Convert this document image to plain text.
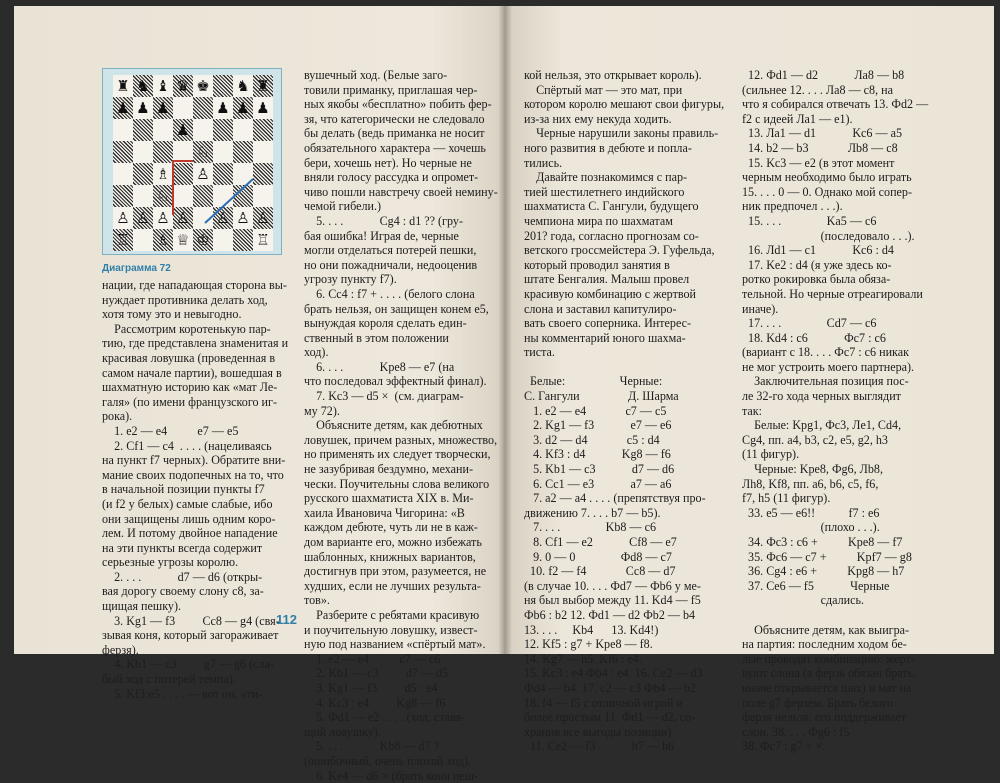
♜ ♞ ♝ ♛ ♚ ♞ ♜
♟ ♟ ♟	♟ ♟ ♟
♟
♘
♗ ♙
♘
♙ ♙ ♙ ♙ ♙ ♙ ♙
♖ ♗ ♕ ♔	♖
Диаграмма 72
нации, где нападающая сторона вы-
нуждает противника делать ход,
хотя тому это и невыгодно.
Рассмотрим коротенькую пар-
тию, где представлена знаменитая и
красивая ловушка (проведенная в
самом начале партии), вошедшая в
шахматную историю как «мат Ле-
галя» (по имени французского иг-
рока).
1. e2 — e4          e7 — e5
2. Cf1 — c4  . . . . (нацеливаясь
на пункт f7 черных). Обратите вни-
мание своих подопечных на то, что
в начальной позиции пункты f7
(и f2 у белых) самые слабые, ибо
они защищены лишь одним коро-
лем. И потому двойное нападение
на эти пункты всегда содержит
серьезные угрозы королю.
2. . . .            d7 — d6 (откры-
вая дорогу своему слону c8, за-
щищая пешку).
3. Kg1 — f3         Cc8 — g4 (свя-
зывая коня, который загораживает
ферзя).
4. Kb1 — c3         g7 — g6 (сла-
бый ход с потерей темпа).
5. Kf3:e5 . . . . — вот он, «ти-
вушечный ход. (Белые заго-
товили приманку, приглашая чер-
ных якобы «бесплатно» побить фер-
зя, что категорически не следовало
бы делать (ведь приманка не носит
обязательного характера — хочешь
бери, хочешь нет). Но черные не
вняли голосу рассудка и опромет-
чиво пошли навстречу своей немину-
чемой гибели.)
5. . . .            Cg4 : d1 ?? (гру-
бая ошибка! Играя de, черные
могли отделаться потерей пешки,
но они пожадничали, недооценив
угрозу пункту f7).
6. Cc4 : f7 + . . . . (белого слона
брать нельзя, он защищен конем e5,
вынуждая короля сделать един-
ственный в этом положении
ход).
6. . . .            Kpe8 — e7 (на
что последовал эффектный финал).
7. Kc3 — d5 ×  (см. диаграм-
му 72).
Объясните детям, как дебютных
ловушек, причем разных, множество,
но применять их следует творчески,
не зазубривая бездумно, механи-
чески. Поучительны слова великого
русского шахматиста XIX в. Ми-
хаила Ивановича Чигорина: «В
каждом дебюте, чуть ли не в каж-
дом варианте его, можно избежать
шаблонных, книжных вариантов,
достигнув при этом, разумеется, не
худших, если не лучших результа-
тов».
Разберите с ребятами красивую
и поучительную ловушку, извест-
ную под названием «спёртый мат».
1. e2 — e4          c7 — c6
2. Kb1 — c3         d7 — d5
3. Kg1 — f3         d5 : e4
4. Kc3 : e4         Kg8 — f6
5. Фd1 — e2 . . . . (ход, ставя-
щий ловушку).
5. . . .            Kb8 — d7 ?
(ошибочный, очень плохой ход).
6. Ke4 — d6 × (брать коня пеш-
112
кой нельзя, это открывает король).
Спёртый мат — это мат, при
котором королю мешают свои фигуры,
из-за них ему некуда ходить.
Черные нарушили законы правиль-
ного развития в дебюте и попла-
тились.
Давайте познакомимся с пар-
тией шестилетнего индийского
шахматиста С. Гангули, будущего
чемпиона мира по шахматам
201? года, согласно прогнозам со-
ветского гроссмейстера Э. Гуфельда,
который проводил занятия в
штате Бенгалия. Малыш провел
красивую комбинацию с жертвой
слона и заставил капитулиро-
вать своего соперника. Интерес-
ны комментарий юного шахма-
тиста.
Белые:                  Черные:
С. Гангули                Д. Шарма
1. e2 — e4             c7 — c5
2. Kg1 — f3            e7 — e6
3. d2 — d4             c5 : d4
4. Kf3 : d4            Kg8 — f6
5. Kb1 — c3            d7 — d6
6. Cc1 — e3            a7 — a6
7. a2 — a4 . . . . (препятствуя про-
движению 7. . . . b7 — b5).
7. . . .               Kb8 — c6
8. Cf1 — e2            Cf8 — e7
9. 0 — 0               Фd8 — c7
10. f2 — f4             Cc8 — d7
(в случае 10. . . . Фd7 — Фb6 у ме-
ня был выбор между 11. Kd4 — f5
Фb6 : b2 12. Фd1 — d2 Фb2 — b4
13. . . .     Kb4      13. Kd4!)
12. Kf5 : g7 + Kpe8 — f8.
14. Kg7 — h5. Kf6 : e4.
15. Kc3 : e4 Фb4 : e4. 16. Ce2 — d3
Фd4 — b4. 17. c2 — c3 Фb4 — b2
18. f4 — f5 с отличной игрой и
более простым 11. Фd1 — d2, со-
хранив все выгоды позиции)
11. Ce2 — f3            h7 — h6
12. Фd1 — d2            Лa8 — b8
(сильнее 12. . . . Лa8 — c8, на
что я собирался отвечать 13. Фd2 —
f2 с идеей Лa1 — e1).
13. Лa1 — d1            Kc6 — a5
14. b2 — b3             Лb8 — c8
15. Kc3 — e2 (в этот момент
черным необходимо было играть
15. . . . 0 — 0. Однако мой сопер-
ник предпочел . . .).
15. . . .               Ka5 — c6
(последовало . . .).
16. Лd1 — c1            Kc6 : d4
17. Ke2 : d4 (я уже здесь ко-
ротко рокировка была обяза-
тельной. Но черные отреагировали
иначе).
17. . . .               Cd7 — c6
18. Kd4 : c6            Фc7 : c6
(вариант с 18. . . . Фс7 : c6 никак
не мог устроить моего партнера).
Заключительная позиция пос-
ле 32-го хода черных выглядит
так:
Белые: Kpg1, Фс3, Лe1, Cd4,
Cg4, пп. a4, b3, c2, e5, g2, h3
(11 фигур).
Черные: Kpe8, Фg6, Лb8,
Лh8, Kf8, пп. a6, b6, c5, f6,
f7, h5 (11 фигур).
33. e5 — e6!!           f7 : e6
(плохо . . .).
34. Фс3 : c6 +          Kpe8 — f7
35. Фc6 — c7 +          Kpf7 — g8
36. Cg4 : e6 +          Kpg8 — h7
37. Ce6 — f5            Черные
сдались.
Объясните детям, как выигра-
на партия: последним ходом бе-
лые проводят комбинацию: жерт-
вуют слона (а ферзь обязан брать,
иначе открывается шах) и мат на
поле g7 ферзем. Брать белого
ферзя нельзя: его поддерживает
слон. 38. . . . Фg6 : f5
38. Фс7 : g7 + ×.
